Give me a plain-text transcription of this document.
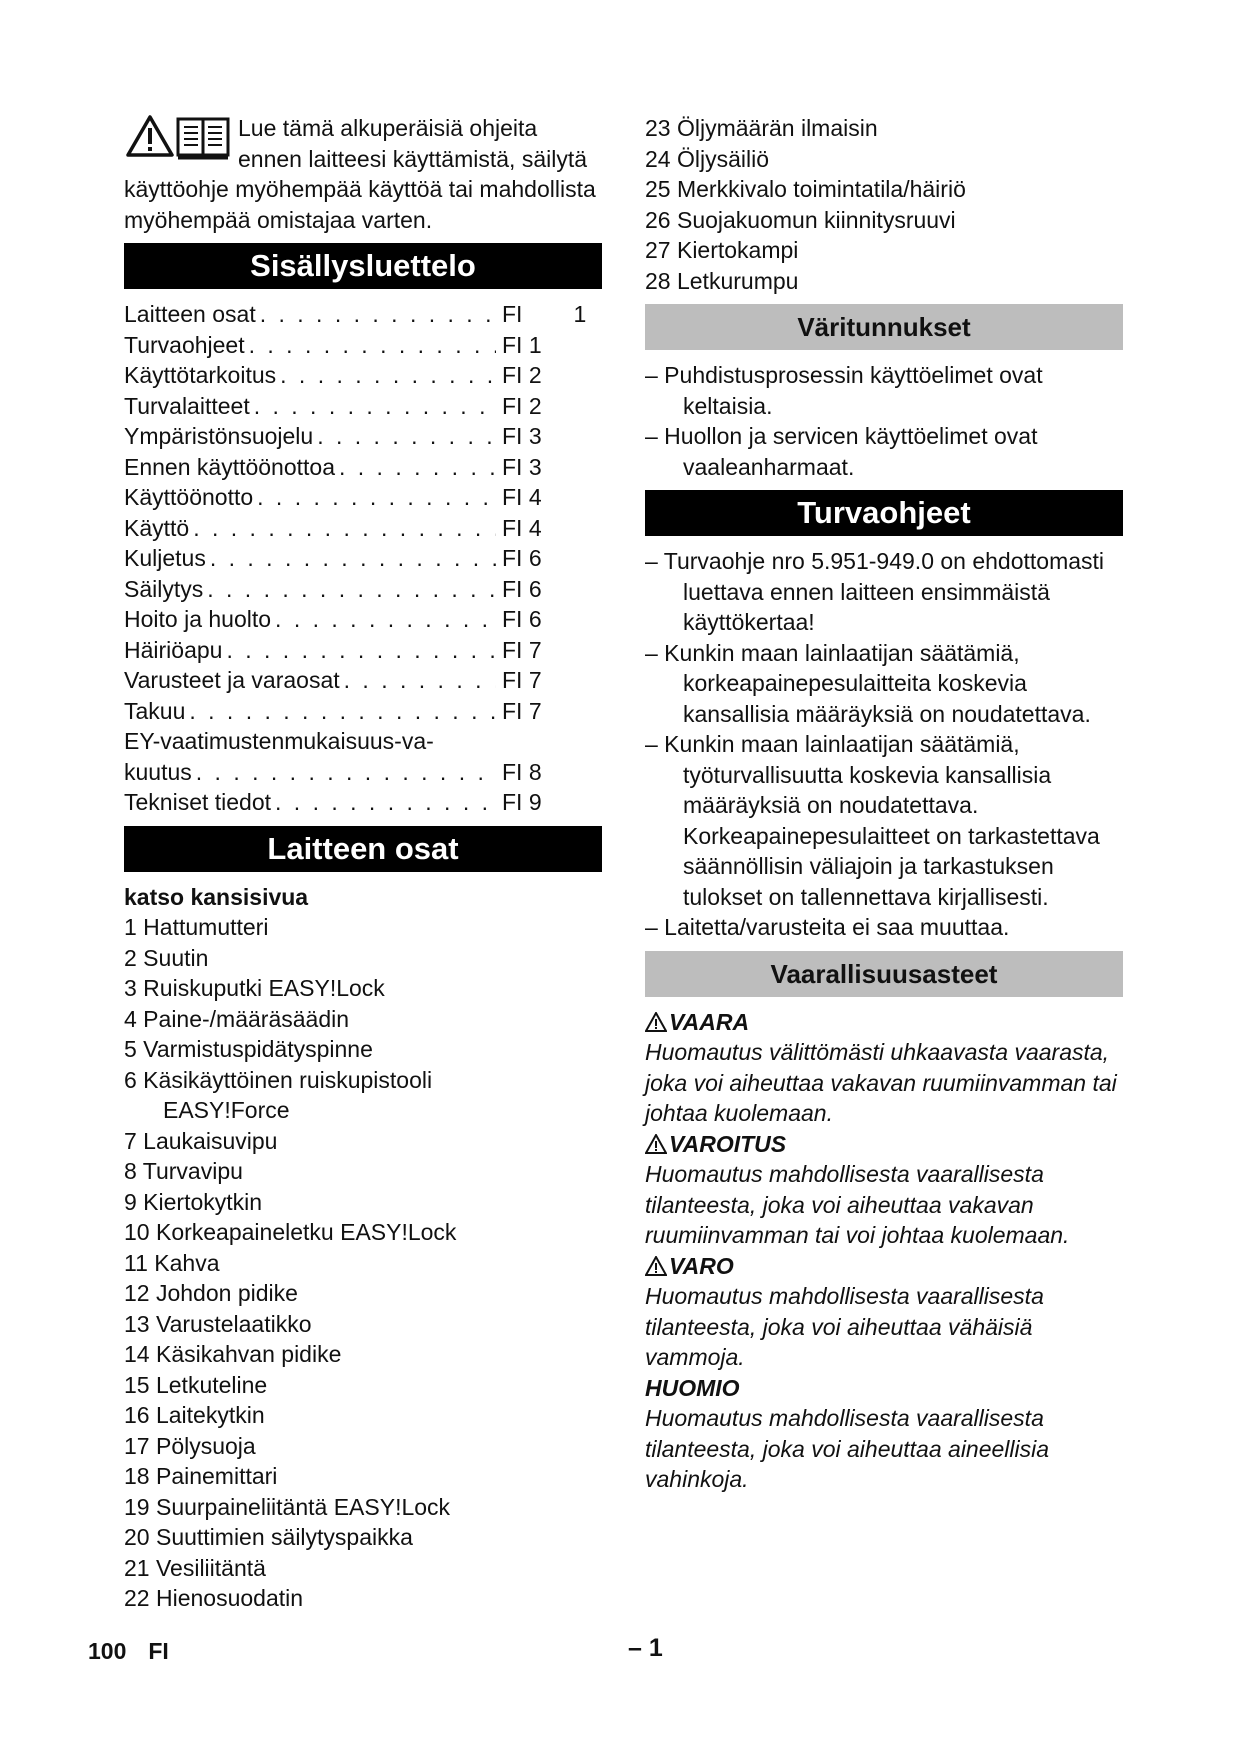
Lue tämä alkuperäisiä ohjeita ennen laitteesi käyttämistä, säilytä käyttöohje myöhempää käyttöä tai mahdollista myöhempää omistajaa varten.
Sisällysluettelo
Laitteen osat . . .	FI        1
Turvaohjeet . . .	FI 1
Käyttötarkoitus . . .	FI 2
Turvalaitteet . . .	FI 2
Ympäristönsuojelu . . .	FI 3
Ennen käyttöönottoa . . .	FI 3
Käyttöönotto . . .	FI 4
Käyttö . . .	FI 4
Kuljetus . . .	FI 6
Säilytys . . .	FI 6
Hoito ja huolto . . .	FI 6
Häiriöapu . . .	FI 7
Varusteet ja varaosat . . .	FI 7
Takuu . . .	FI 7
EY-vaatimustenmukaisuus-va-
kuutus . . .	FI 8
Tekniset tiedot . . .	FI 9
Laitteen osat
katso kansisivua
1 Hattumutteri
2 Suutin
3 Ruiskuputki EASY!Lock
4 Paine-/määräsäädin
5 Varmistuspidätyspinne
6 Käsikäyttöinen ruiskupistooli
EASY!Force
7 Laukaisuvipu
8 Turvavipu
9 Kiertokytkin
10 Korkeapaineletku EASY!Lock
11 Kahva
12 Johdon pidike
13 Varustelaatikko
14 Käsikahvan pidike
15 Letkuteline
16 Laitekytkin
17 Pölysuoja
18 Painemittari
19 Suurpaineliitäntä EASY!Lock
20 Suuttimien säilytyspaikka
21 Vesiliitäntä
22 Hienosuodatin
23 Öljymäärän ilmaisin
24 Öljysäiliö
25 Merkkivalo toimintatila/häiriö
26 Suojakuomun kiinnitysruuvi
27 Kiertokampi
28 Letkurumpu
Väritunnukset
– Puhdistusprosessin käyttöelimet ovat keltaisia.
– Huollon ja servicen käyttöelimet ovat vaaleanharmaat.
Turvaohjeet
– Turvaohje nro 5.951-949.0 on ehdottomasti luettava ennen laitteen ensimmäistä käyttökertaa!
– Kunkin maan lainlaatijan säätämiä, korkeapainepesulaitteita koskevia kansallisia määräyksiä on noudatettava.
– Kunkin maan lainlaatijan säätämiä, työturvallisuutta koskevia kansallisia määräyksiä on noudatettava. Korkeapainepesulaitteet on tarkastettava säännöllisin väliajoin ja tarkastuksen tulokset on tallennettava kirjallisesti.
– Laitetta/varusteita ei saa muuttaa.
Vaarallisuusasteet
VAARA
Huomautus välittömästi uhkaavasta vaarasta, joka voi aiheuttaa vakavan ruumiinvamman tai johtaa kuolemaan.
VAROITUS
Huomautus mahdollisesta vaarallisesta tilanteesta, joka voi aiheuttaa vakavan ruumiinvamman tai voi johtaa kuolemaan.
VARO
Huomautus mahdollisesta vaarallisesta tilanteesta, joka voi aiheuttaa vähäisiä vammoja.
HUOMIO
Huomautus mahdollisesta vaarallisesta tilanteesta, joka voi aiheuttaa aineellisia vahinkoja.
100 FI	– 1
